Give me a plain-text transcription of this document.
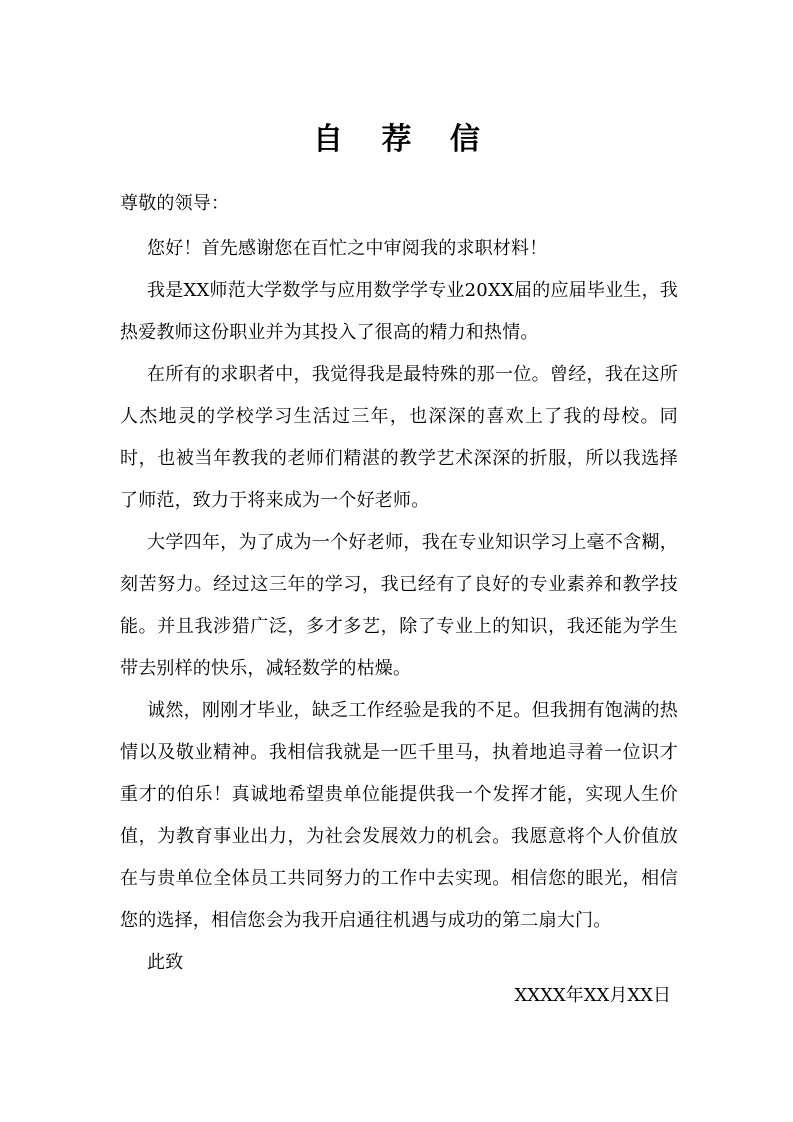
自 荐 信

尊敬的领导：

您好！首先感谢您在百忙之中审阅我的求职材料！

我是XX师范大学数学与应用数学学专业20XX届的应届毕业生，我热爱教师这份职业并为其投入了很高的精力和热情。

在所有的求职者中，我觉得我是最特殊的那一位。曾经，我在这所人杰地灵的学校学习生活过三年，也深深的喜欢上了我的母校。同时，也被当年教我的老师们精湛的教学艺术深深的折服，所以我选择了师范，致力于将来成为一个好老师。

大学四年，为了成为一个好老师，我在专业知识学习上毫不含糊，刻苦努力。经过这三年的学习，我已经有了良好的专业素养和教学技能。并且我涉猎广泛，多才多艺，除了专业上的知识，我还能为学生带去别样的快乐，减轻数学的枯燥。

诚然，刚刚才毕业，缺乏工作经验是我的不足。但我拥有饱满的热情以及敬业精神。我相信我就是一匹千里马，执着地追寻着一位识才重才的伯乐！真诚地希望贵单位能提供我一个发挥才能，实现人生价值，为教育事业出力，为社会发展效力的机会。我愿意将个人价值放在与贵单位全体员工共同努力的工作中去实现。相信您的眼光，相信您的选择，相信您会为我开启通往机遇与成功的第二扇大门。

此致

XXXX年XX月XX日
